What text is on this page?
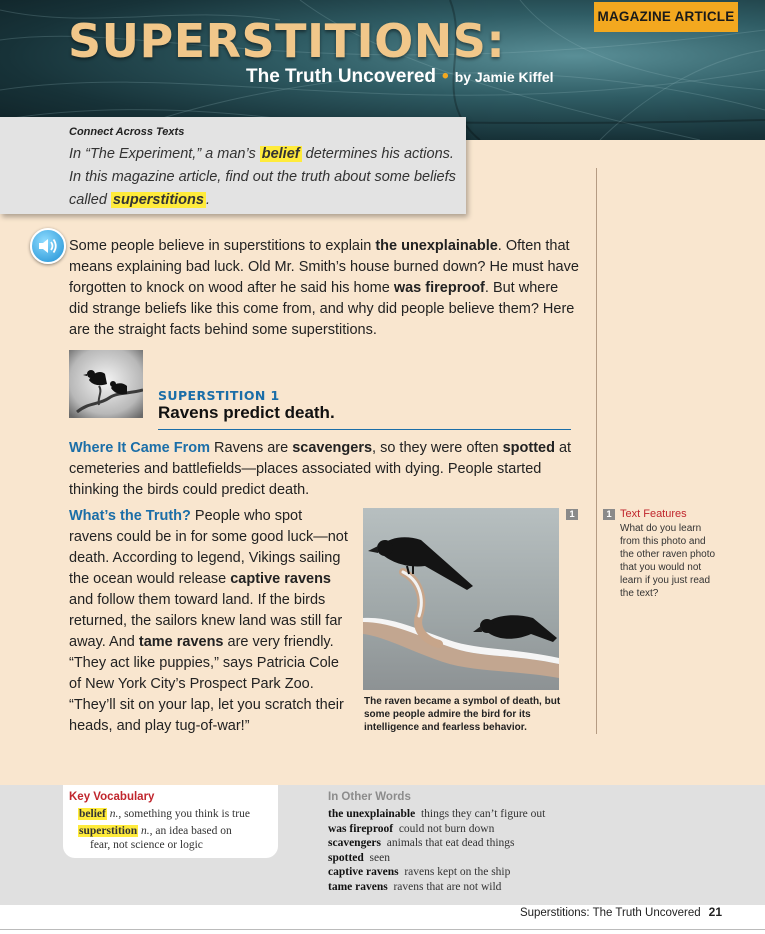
MAGAZINE ARTICLE
SUPERSTITIONS:
The Truth Uncovered • by Jamie Kiffel
Connect Across Texts
In “The Experiment,” a man’s belief determines his actions.
In this magazine article, find out the truth about some beliefs called superstitions .
Some people believe in superstitions to explain the unexplainable. Often that means explaining bad luck. Old Mr. Smith’s house burned down? He must have forgotten to knock on wood after he said his home was fireproof. But where did strange beliefs like this come from, and why did people believe them? Here are the straight facts behind some superstitions.
SUPERSTITION 1
Ravens predict death.
Where It Came From Ravens are scavengers, so they were often spotted at cemeteries and battlefields—places associated with dying. People started thinking the birds could predict death.
What’s the Truth? People who spot ravens could be in for some good luck—not death. According to legend, Vikings sailing the ocean would release captive ravens and follow them toward land. If the birds returned, the sailors knew land was still far away. And tame ravens are very friendly. “They act like puppies,” says Patricia Cole of New York City’s Prospect Park Zoo. “They’ll sit on your lap, let you scratch their heads, and play tug-of-war!”
The raven became a symbol of death, but some people admire the bird for its intelligence and fearless behavior.
1	1 Text Features
What do you learn from this photo and the other raven photo that you would not learn if you just read the text?
Key Vocabulary
belief n., something you think is true
superstition n., an idea based on
fear, not science or logic
In Other Words
the unexplainable things they can’t figure out
was fireproof could not burn down
scavengers animals that eat dead things
spotted seen
captive ravens ravens kept on the ship
tame ravens ravens that are not wild
Superstitions: The Truth Uncovered 21
